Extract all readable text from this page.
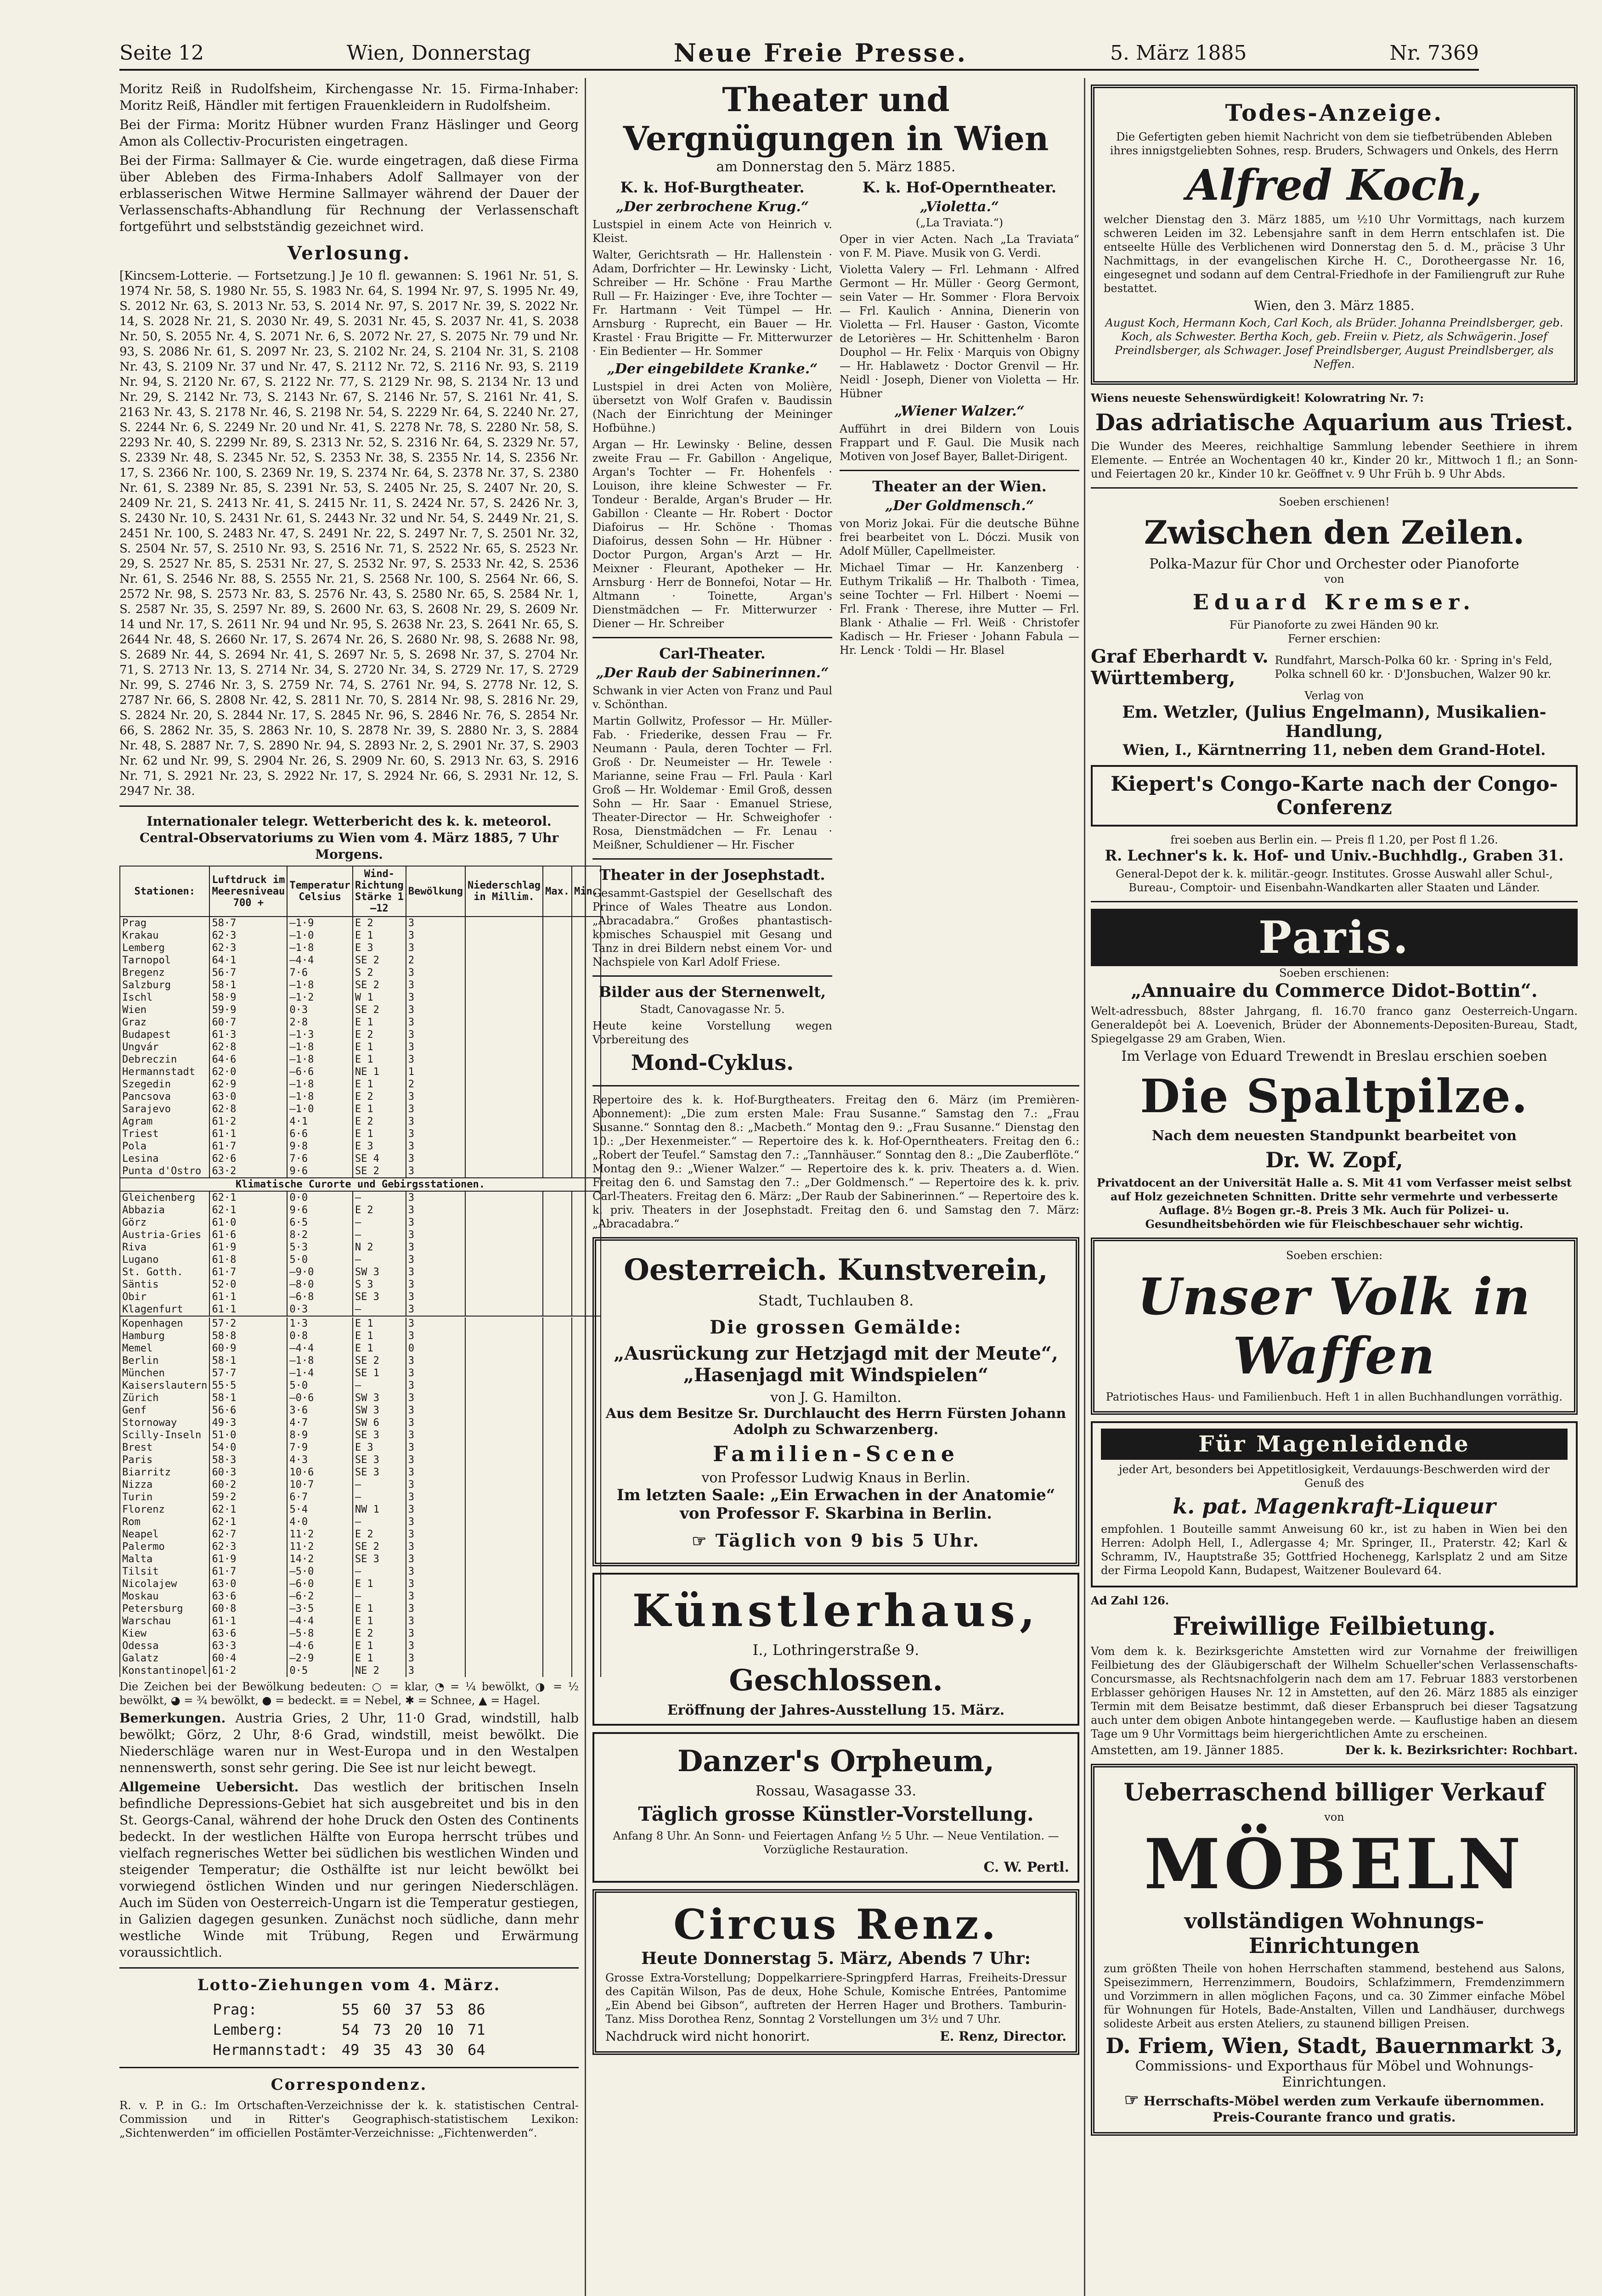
Seite 12	Wien, Donnerstag	Neue Freie Presse.	5. März 1885	Nr. 7369

Moritz Reiß in Rudolfsheim, Kirchengasse Nr. 15. Firma-Inhaber: Moritz Reiß, Händler mit fertigen Frauenkleidern in Rudolfsheim.

Bei der Firma: Moritz Hübner wurden Franz Häslinger und Georg Amon als Collectiv-Procuristen eingetragen.

Bei der Firma: Sallmayer & Cie. wurde eingetragen, daß diese Firma über Ableben des Firma-Inhabers Adolf Sallmayer von der erblasserischen Witwe Hermine Sallmayer während der Dauer der Verlassenschafts-Abhandlung für Rechnung der Verlassenschaft fortgeführt und selbstständig gezeichnet wird.

Verlosung.

[Kincsem-Lotterie. — Fortsetzung.] Je 10 fl. gewannen: S. 1961 Nr. 51, S. 1974 Nr. 58, S. 1980 Nr. 55, S. 1983 Nr. 64, S. 1994 Nr. 97, S. 1995 Nr. 49, S. 2012 Nr. 63, S. 2013 Nr. 53, S. 2014 Nr. 97, S. 2017 Nr. 39, S. 2022 Nr. 14, S. 2028 Nr. 21, S. 2030 Nr. 49, S. 2031 Nr. 45, S. 2037 Nr. 41, S. 2038 Nr. 50, S. 2055 Nr. 4, S. 2071 Nr. 6, S. 2072 Nr. 27, S. 2075 Nr. 79 und Nr. 93, S. 2086 Nr. 61, S. 2097 Nr. 23, S. 2102 Nr. 24, S. 2104 Nr. 31, S. 2108 Nr. 43, S. 2109 Nr. 37 und Nr. 47, S. 2112 Nr. 72, S. 2116 Nr. 93, S. 2119 Nr. 94, S. 2120 Nr. 67, S. 2122 Nr. 77, S. 2129 Nr. 98, S. 2134 Nr. 13 und Nr. 29, S. 2142 Nr. 73, S. 2143 Nr. 67, S. 2146 Nr. 57, S. 2161 Nr. 41, S. 2163 Nr. 43, S. 2178 Nr. 46, S. 2198 Nr. 54, S. 2229 Nr. 64, S. 2240 Nr. 27, S. 2244 Nr. 6, S. 2249 Nr. 20 und Nr. 41, S. 2278 Nr. 78, S. 2280 Nr. 58, S. 2293 Nr. 40, S. 2299 Nr. 89, S. 2313 Nr. 52, S. 2316 Nr. 64, S. 2329 Nr. 57, S. 2339 Nr. 48, S. 2345 Nr. 52, S. 2353 Nr. 38, S. 2355 Nr. 14, S. 2356 Nr. 17, S. 2366 Nr. 100, S. 2369 Nr. 19, S. 2374 Nr. 64, S. 2378 Nr. 37, S. 2380 Nr. 61, S. 2389 Nr. 85, S. 2391 Nr. 53, S. 2405 Nr. 25, S. 2407 Nr. 20, S. 2409 Nr. 21, S. 2413 Nr. 41, S. 2415 Nr. 11, S. 2424 Nr. 57, S. 2426 Nr. 3, S. 2430 Nr. 10, S. 2431 Nr. 61, S. 2443 Nr. 32 und Nr. 54, S. 2449 Nr. 21, S. 2451 Nr. 100, S. 2483 Nr. 47, S. 2491 Nr. 22, S. 2497 Nr. 7, S. 2501 Nr. 32, S. 2504 Nr. 57, S. 2510 Nr. 93, S. 2516 Nr. 71, S. 2522 Nr. 65, S. 2523 Nr. 29, S. 2527 Nr. 85, S. 2531 Nr. 27, S. 2532 Nr. 97, S. 2533 Nr. 42, S. 2536 Nr. 61, S. 2546 Nr. 88, S. 2555 Nr. 21, S. 2568 Nr. 100, S. 2564 Nr. 66, S. 2572 Nr. 98, S. 2573 Nr. 83, S. 2576 Nr. 43, S. 2580 Nr. 65, S. 2584 Nr. 1, S. 2587 Nr. 35, S. 2597 Nr. 89, S. 2600 Nr. 63, S. 2608 Nr. 29, S. 2609 Nr. 14 und Nr. 17, S. 2611 Nr. 94 und Nr. 95, S. 2638 Nr. 23, S. 2641 Nr. 65, S. 2644 Nr. 48, S. 2660 Nr. 17, S. 2674 Nr. 26, S. 2680 Nr. 98, S. 2688 Nr. 98, S. 2689 Nr. 44, S. 2694 Nr. 41, S. 2697 Nr. 5, S. 2698 Nr. 37, S. 2704 Nr. 71, S. 2713 Nr. 13, S. 2714 Nr. 34, S. 2720 Nr. 34, S. 2729 Nr. 17, S. 2729 Nr. 99, S. 2746 Nr. 3, S. 2759 Nr. 74, S. 2761 Nr. 94, S. 2778 Nr. 12, S. 2787 Nr. 66, S. 2808 Nr. 42, S. 2811 Nr. 70, S. 2814 Nr. 98, S. 2816 Nr. 29, S. 2824 Nr. 20, S. 2844 Nr. 17, S. 2845 Nr. 96, S. 2846 Nr. 76, S. 2854 Nr. 66, S. 2862 Nr. 35, S. 2863 Nr. 10, S. 2878 Nr. 39, S. 2880 Nr. 3, S. 2884 Nr. 48, S. 2887 Nr. 7, S. 2890 Nr. 94, S. 2893 Nr. 2, S. 2901 Nr. 37, S. 2903 Nr. 62 und Nr. 99, S. 2904 Nr. 26, S. 2909 Nr. 60, S. 2913 Nr. 63, S. 2916 Nr. 71, S. 2921 Nr. 23, S. 2922 Nr. 17, S. 2924 Nr. 66, S. 2931 Nr. 12, S. 2947 Nr. 38.

Internationaler telegr. Wetterbericht des k. k. meteorol. Central-Observatoriums zu Wien vom 4. März 1885, 7 Uhr Morgens.

Stationen:	Luftdruck im Meeresniveau 700 +	Temperatur Celsius	Wind-Richtung Stärke 1—12	Bewölkung	Niederschlag in Millim.	Max.	Min.
Prag	58·7	—1·9	E 2	3			
Krakau	62·3	—1·0	E 1	3			
Lemberg	62·3	—1·8	E 3	3			
Tarnopol	64·1	—4·4	SE 2	2			
Bregenz	56·7	7·6	S 2	3			
Salzburg	58·1	—1·8	SE 2	3			
Ischl	58·9	—1·2	W 1	3			
Wien	59·9	0·3	SE 2	3			
Graz	60·7	2·8	E 1	3			
Budapest	61·3	—1·3	E 2	3			
Ungvár	62·8	—1·8	E 1	3			
Debreczin	64·6	—1·8	E 1	3			
Hermannstadt	62·0	—6·6	NE 1	1			
Szegedin	62·9	—1·8	E 1	2			
Pancsova	63·0	—1·8	E 2	3			
Sarajevo	62·8	—1·0	E 1	3			
Agram	61·2	4·1	E 2	3			
Triest	61·1	6·6	E 1	3			
Pola	61·7	9·8	E 3	3			
Lesina	62·6	7·6	SE 4	3			
Punta d'Ostro	63·2	9·6	SE 2	3			
Klimatische Curorte und Gebirgsstationen.							
Gleichenberg	62·1	0·0	—	3			
Abbazia	62·1	9·6	E 2	3			
Görz	61·0	6·5	—	3			
Austria-Gries	61·6	8·2	—	3			
Riva	61·9	5·3	N 2	3			
Lugano	61·8	5·0	—	3			
St. Gotth.	61·7	—9·0	SW 3	3			
Säntis	52·0	—8·0	S 3	3			
Obir	61·1	—6·8	SE 3	3			
Klagenfurt	61·1	0·3	—	3			

Kopenhagen	57·2	1·3	E 1	3			
Hamburg	58·8	0·8	E 1	3			
Memel	60·9	—4·4	E 1	0			
Berlin	58·1	—1·8	SE 2	3			
München	57·7	—1·4	SE 1	3			
Kaiserslautern	55·5	5·0	—	3			
Zürich	58·1	—0·6	SW 3	3			
Genf	56·6	3·6	SW 3	3			
Stornoway	49·3	4·7	SW 6	3			
Scilly-Inseln	51·0	8·9	SE 3	3			
Brest	54·0	7·9	E 3	3			
Paris	58·3	4·3	SE 3	3			
Biarritz	60·3	10·6	SE 3	3			
Nizza	60·2	10·7	—	3			
Turin	59·2	6·7	—	3			
Florenz	62·1	5·4	NW 1	3			
Rom	62·1	4·0	—	3			
Neapel	62·7	11·2	E 2	3			
Palermo	62·3	11·2	SE 2	3			
Malta	61·9	14·2	SE 3	3			
Tilsit	61·7	—5·0	—	3			
Nicolajew	63·0	—6·0	E 1	3			
Moskau	63·6	—6·2	—	3			
Petersburg	60·8	—3·5	E 1	3			
Warschau	61·1	—4·4	E 1	3			
Kiew	63·6	—5·8	E 2	3			
Odessa	63·3	—4·6	E 1	3			
Galatz	60·4	—2·9	E 1	3			
Konstantinopel	61·2	0·5	NE 2	3			

Die Zeichen bei der Bewölkung bedeuten: ○ = klar, ◔ = ¼ bewölkt, ◑ = ½ bewölkt, ◕ = ¾ bewölkt, ● = bedeckt. ≡ = Nebel, ✱ = Schnee, ▲ = Hagel.

Bemerkungen. Austria Gries, 2 Uhr, 11·0 Grad, windstill, halb bewölkt; Görz, 2 Uhr, 8·6 Grad, windstill, meist bewölkt. Die Niederschläge waren nur in West-Europa und in den Westalpen nennenswerth, sonst sehr gering. Die See ist nur leicht bewegt.

Allgemeine Uebersicht. Das westlich der britischen Inseln befindliche Depressions-Gebiet hat sich ausgebreitet und bis in den St. Georgs-Canal, während der hohe Druck den Osten des Continents bedeckt. In der westlichen Hälfte von Europa herrscht trübes und vielfach regnerisches Wetter bei südlichen bis westlichen Winden und steigender Temperatur; die Osthälfte ist nur leicht bewölkt bei vorwiegend östlichen Winden und nur geringen Niederschlägen. Auch im Süden von Oesterreich-Ungarn ist die Temperatur gestiegen, in Galizien dagegen gesunken. Zunächst noch südliche, dann mehr westliche Winde mit Trübung, Regen und Erwärmung voraussichtlich.

Lotto-Ziehungen vom 4. März.
Prag:	55	60	37	53	86
Lemberg:	54	73	20	10	71
Hermannstadt:	49	35	43	30	64
Correspondenz.

R. v. P. in G.: Im Ortschaften-Verzeichnisse der k. k. statistischen Central-Commission und in Ritter's Geographisch-statistischem Lexikon: „Sichtenwerden“ im officiellen Postämter-Verzeichnisse: „Fichtenwerden“.

Theater und Vergnügungen in Wien
am Donnerstag den 5. März 1885.
K. k. Hof-Burgtheater.
„Der zerbrochene Krug.“

Lustspiel in einem Acte von Heinrich v. Kleist.

Walter, Gerichtsrath — Hr. Hallenstein · Adam, Dorfrichter — Hr. Lewinsky · Licht, Schreiber — Hr. Schöne · Frau Marthe Rull — Fr. Haizinger · Eve, ihre Tochter — Fr. Hartmann · Veit Tümpel — Hr. Arnsburg · Ruprecht, ein Bauer — Hr. Krastel · Frau Brigitte — Fr. Mitterwurzer · Ein Bedienter — Hr. Sommer

„Der eingebildete Kranke.“

Lustspiel in drei Acten von Molière, übersetzt von Wolf Grafen v. Baudissin (Nach der Einrichtung der Meininger Hofbühne.)

Argan — Hr. Lewinsky · Beline, dessen zweite Frau — Fr. Gabillon · Angelique, Argan's Tochter — Fr. Hohenfels · Louison, ihre kleine Schwester — Fr. Tondeur · Beralde, Argan's Bruder — Hr. Gabillon · Cleante — Hr. Robert · Doctor Diafoirus — Hr. Schöne · Thomas Diafoirus, dessen Sohn — Hr. Hübner · Doctor Purgon, Argan's Arzt — Hr. Meixner · Fleurant, Apotheker — Hr. Arnsburg · Herr de Bonnefoi, Notar — Hr. Altmann · Toinette, Argan's Dienstmädchen — Fr. Mitterwurzer · Diener — Hr. Schreiber

Carl-Theater.
„Der Raub der Sabinerinnen.“

Schwank in vier Acten von Franz und Paul v. Schönthan.

Martin Gollwitz, Professor — Hr. Müller-Fab. · Friederike, dessen Frau — Fr. Neumann · Paula, deren Tochter — Frl. Groß · Dr. Neumeister — Hr. Tewele · Marianne, seine Frau — Frl. Paula · Karl Groß — Hr. Woldemar · Emil Groß, dessen Sohn — Hr. Saar · Emanuel Striese, Theater-Director — Hr. Schweighofer · Rosa, Dienstmädchen — Fr. Lenau · Meißner, Schuldiener — Hr. Fischer

Theater in der Josephstadt.

Gesammt-Gastspiel der Gesellschaft des Prince of Wales Theatre aus London. „Abracadabra.“ Großes phantastisch-komisches Schauspiel mit Gesang und Tanz in drei Bildern nebst einem Vor- und Nachspiele von Karl Adolf Friese.

Bilder aus der Sternenwelt,
Stadt, Canovagasse Nr. 5.

Heute keine Vorstellung wegen Vorbereitung des

Mond-Cyklus.
K. k. Hof-Operntheater.
„Violetta.“
(„La Traviata.“)

Oper in vier Acten. Nach „La Traviata“ von F. M. Piave. Musik von G. Verdi.

Violetta Valery — Frl. Lehmann · Alfred Germont — Hr. Müller · Georg Germont, sein Vater — Hr. Sommer · Flora Bervoix — Frl. Kaulich · Annina, Dienerin von Violetta — Frl. Hauser · Gaston, Vicomte de Letorières — Hr. Schittenhelm · Baron Douphol — Hr. Felix · Marquis von Obigny — Hr. Hablawetz · Doctor Grenvil — Hr. Neidl · Joseph, Diener von Violetta — Hr. Hübner

„Wiener Walzer.“

Aufführt in drei Bildern von Louis Frappart und F. Gaul. Die Musik nach Motiven von Josef Bayer, Ballet-Dirigent.

Theater an der Wien.
„Der Goldmensch.“

von Moriz Jokai. Für die deutsche Bühne frei bearbeitet von L. Dóczi. Musik von Adolf Müller, Capellmeister.

Michael Timar — Hr. Kanzenberg · Euthym Trikaliß — Hr. Thalboth · Timea, seine Tochter — Frl. Hilbert · Noemi — Frl. Frank · Therese, ihre Mutter — Frl. Blank · Athalie — Frl. Weiß · Christofer Kadisch — Hr. Frieser · Johann Fabula — Hr. Lenck · Toldi — Hr. Blasel

Repertoire des k. k. Hof-Burgtheaters. Freitag den 6. März (im Premièren-Abonnement): „Die zum ersten Male: Frau Susanne.“ Samstag den 7.: „Frau Susanne.“ Sonntag den 8.: „Macbeth.“ Montag den 9.: „Frau Susanne.“ Dienstag den 10.: „Der Hexenmeister.“ — Repertoire des k. k. Hof-Operntheaters. Freitag den 6.: „Robert der Teufel.“ Samstag den 7.: „Tannhäuser.“ Sonntag den 8.: „Die Zauberflöte.“ Montag den 9.: „Wiener Walzer.“ — Repertoire des k. k. priv. Theaters a. d. Wien. Freitag den 6. und Samstag den 7.: „Der Goldmensch.“ — Repertoire des k. k. priv. Carl-Theaters. Freitag den 6. März: „Der Raub der Sabinerinnen.“ — Repertoire des k. k. priv. Theaters in der Josephstadt. Freitag den 6. und Samstag den 7. März: „Abracadabra.“

Oesterreich. Kunstverein,
Stadt, Tuchlauben 8.
Die grossen Gemälde:
„Ausrückung zur Hetzjagd mit der Meute“, „Hasenjagd mit Windspielen“
von J. G. Hamilton.
Aus dem Besitze Sr. Durchlaucht des Herrn Fürsten Johann Adolph zu Schwarzenberg.
Familien-Scene
von Professor Ludwig Knaus in Berlin.
Im letzten Saale: „Ein Erwachen in der Anatomie“ von Professor F. Skarbina in Berlin.
☞ Täglich von 9 bis 5 Uhr.
Künstlerhaus,
I., Lothringerstraße 9.
Geschlossen.
Eröffnung der Jahres-Ausstellung 15. März.
Danzer's Orpheum,
Rossau, Wasagasse 33.
Täglich grosse Künstler-Vorstellung.

Anfang 8 Uhr. An Sonn- und Feiertagen Anfang ½ 5 Uhr. — Neue Ventilation. — Vorzügliche Restauration.

C. W. Pertl.
Circus Renz.
Heute Donnerstag 5. März, Abends 7 Uhr:

Grosse Extra-Vorstellung; Doppelkarriere-Springpferd Harras, Freiheits-Dressur des Capitän Wilson, Pas de deux, Hohe Schule, Komische Entrées, Pantomime „Ein Abend bei Gibson“, auftreten der Herren Hager und Brothers. Tamburin-Tanz. Miss Dorothea Renz, Sonntag 2 Vorstellungen um 3½ und 7 Uhr.

Nachdruck wird nicht honorirt.	E. Renz, Director.
Todes-Anzeige.

Die Gefertigten geben hiemit Nachricht von dem sie tiefbetrübenden Ableben ihres innigstgeliebten Sohnes, resp. Bruders, Schwagers und Onkels, des Herrn

Alfred Koch,

welcher Dienstag den 3. März 1885, um ½10 Uhr Vormittags, nach kurzem schweren Leiden im 32. Lebensjahre sanft in dem Herrn entschlafen ist. Die entseelte Hülle des Verblichenen wird Donnerstag den 5. d. M., präcise 3 Uhr Nachmittags, in der evangelischen Kirche H. C., Dorotheergasse Nr. 16, eingesegnet und sodann auf dem Central-Friedhofe in der Familiengruft zur Ruhe bestattet.

Wien, den 3. März 1885.

August Koch, Hermann Koch, Carl Koch, als Brüder. Johanna Preindlsberger, geb. Koch, als Schwester. Bertha Koch, geb. Freiin v. Pietz, als Schwägerin. Josef Preindlsberger, als Schwager. Josef Preindlsberger, August Preindlsberger, als Neffen.

Wiens neueste Sehenswürdigkeit! Kolowratring Nr. 7:

Das adriatische Aquarium aus Triest.

Die Wunder des Meeres, reichhaltige Sammlung lebender Seethiere in ihrem Elemente. — Entrée an Wochentagen 40 kr., Kinder 20 kr., Mittwoch 1 fl.; an Sonn- und Feiertagen 20 kr., Kinder 10 kr. Geöffnet v. 9 Uhr Früh b. 9 Uhr Abds.

Soeben erschienen!
Zwischen den Zeilen.
Polka-Mazur für Chor und Orchester oder Pianoforte
von
Eduard Kremser.
Für Pianoforte zu zwei Händen 90 kr.
Ferner erschien:
Graf Eberhardt v. Württemberg,
Rundfahrt, Marsch-Polka 60 kr. · Spring in's Feld, Polka schnell 60 kr. · D'Jonsbuchen, Walzer 90 kr.
Verlag von
Em. Wetzler, (Julius Engelmann), Musikalien-Handlung,
Wien, I., Kärntnerring 11, neben dem Grand-Hotel.
Kiepert's Congo-Karte nach der Congo-Conferenz
frei soeben aus Berlin ein. — Preis fl 1.20, per Post fl 1.26.
R. Lechner's k. k. Hof- und Univ.-Buchhdlg., Graben 31.

General-Depot der k. k. militär.-geogr. Institutes. Grosse Auswahl aller Schul-, Bureau-, Comptoir- und Eisenbahn-Wandkarten aller Staaten und Länder.

Paris.
Soeben erschienen:
„Annuaire du Commerce Didot-Bottin“.

Welt-adressbuch, 88ster Jahrgang, fl. 16.70 franco ganz Oesterreich-Ungarn. Generaldepôt bei A. Loevenich, Brüder der Abonnements-Depositen-Bureau, Stadt, Spiegelgasse 29 am Graben, Wien.

Im Verlage von Eduard Trewendt in Breslau erschien soeben
Die Spaltpilze.
Nach dem neuesten Standpunkt bearbeitet von
Dr. W. Zopf,

Privatdocent an der Universität Halle a. S. Mit 41 vom Verfasser meist selbst auf Holz gezeichneten Schnitten. Dritte sehr vermehrte und verbesserte Auflage. 8½ Bogen gr.-8. Preis 3 Mk. Auch für Polizei- u. Gesundheitsbehörden wie für Fleischbeschauer sehr wichtig.

Soeben erschien:
Unser Volk in Waffen
Patriotisches Haus- und Familienbuch. Heft 1 in allen Buchhandlungen vorräthig.
Für Magenleidende

jeder Art, besonders bei Appetitlosigkeit, Verdauungs-Beschwerden wird der Genuß des

k. pat. Magenkraft-Liqueur

empfohlen. 1 Bouteille sammt Anweisung 60 kr., ist zu haben in Wien bei den Herren: Adolph Hell, I., Adlergasse 4; Mr. Springer, II., Praterstr. 42; Karl & Schramm, IV., Hauptstraße 35; Gottfried Hochenegg, Karlsplatz 2 und am Sitze der Firma Leopold Kann, Budapest, Waitzener Boulevard 64.

Ad Zahl 126.
Freiwillige Feilbietung.

Vom dem k. k. Bezirksgerichte Amstetten wird zur Vornahme der freiwilligen Feilbietung des der Gläubigerschaft der Wilhelm Schueller'schen Verlassenschafts-Concursmasse, als Rechtsnachfolgerin nach dem am 17. Februar 1883 verstorbenen Erblasser gehörigen Hauses Nr. 12 in Amstetten, auf den 26. März 1885 als einziger Termin mit dem Beisatze bestimmt, daß dieser Erbanspruch bei dieser Tagsatzung auch unter dem obigen Anbote hintangegeben werde. — Kauflustige haben an diesem Tage um 9 Uhr Vormittags beim hiergerichtlichen Amte zu erscheinen.

Amstetten, am 19. Jänner 1885.	Der k. k. Bezirksrichter: Rochbart.
Ueberraschend billiger Verkauf
von
MÖBELN
vollständigen Wohnungs-Einrichtungen

zum größten Theile von hohen Herrschaften stammend, bestehend aus Salons, Speisezimmern, Herrenzimmern, Boudoirs, Schlafzimmern, Fremdenzimmern und Vorzimmern in allen möglichen Façons, und ca. 30 Zimmer einfache Möbel für Wohnungen für Hotels, Bade-Anstalten, Villen und Landhäuser, durchwegs solideste Arbeit aus ersten Ateliers, zu staunend billigen Preisen.

D. Friem, Wien, Stadt, Bauernmarkt 3,
Commissions- und Exporthaus für Möbel und Wohnungs-Einrichtungen.
☞ Herrschafts-Möbel werden zum Verkaufe übernommen. Preis-Courante franco und gratis.
